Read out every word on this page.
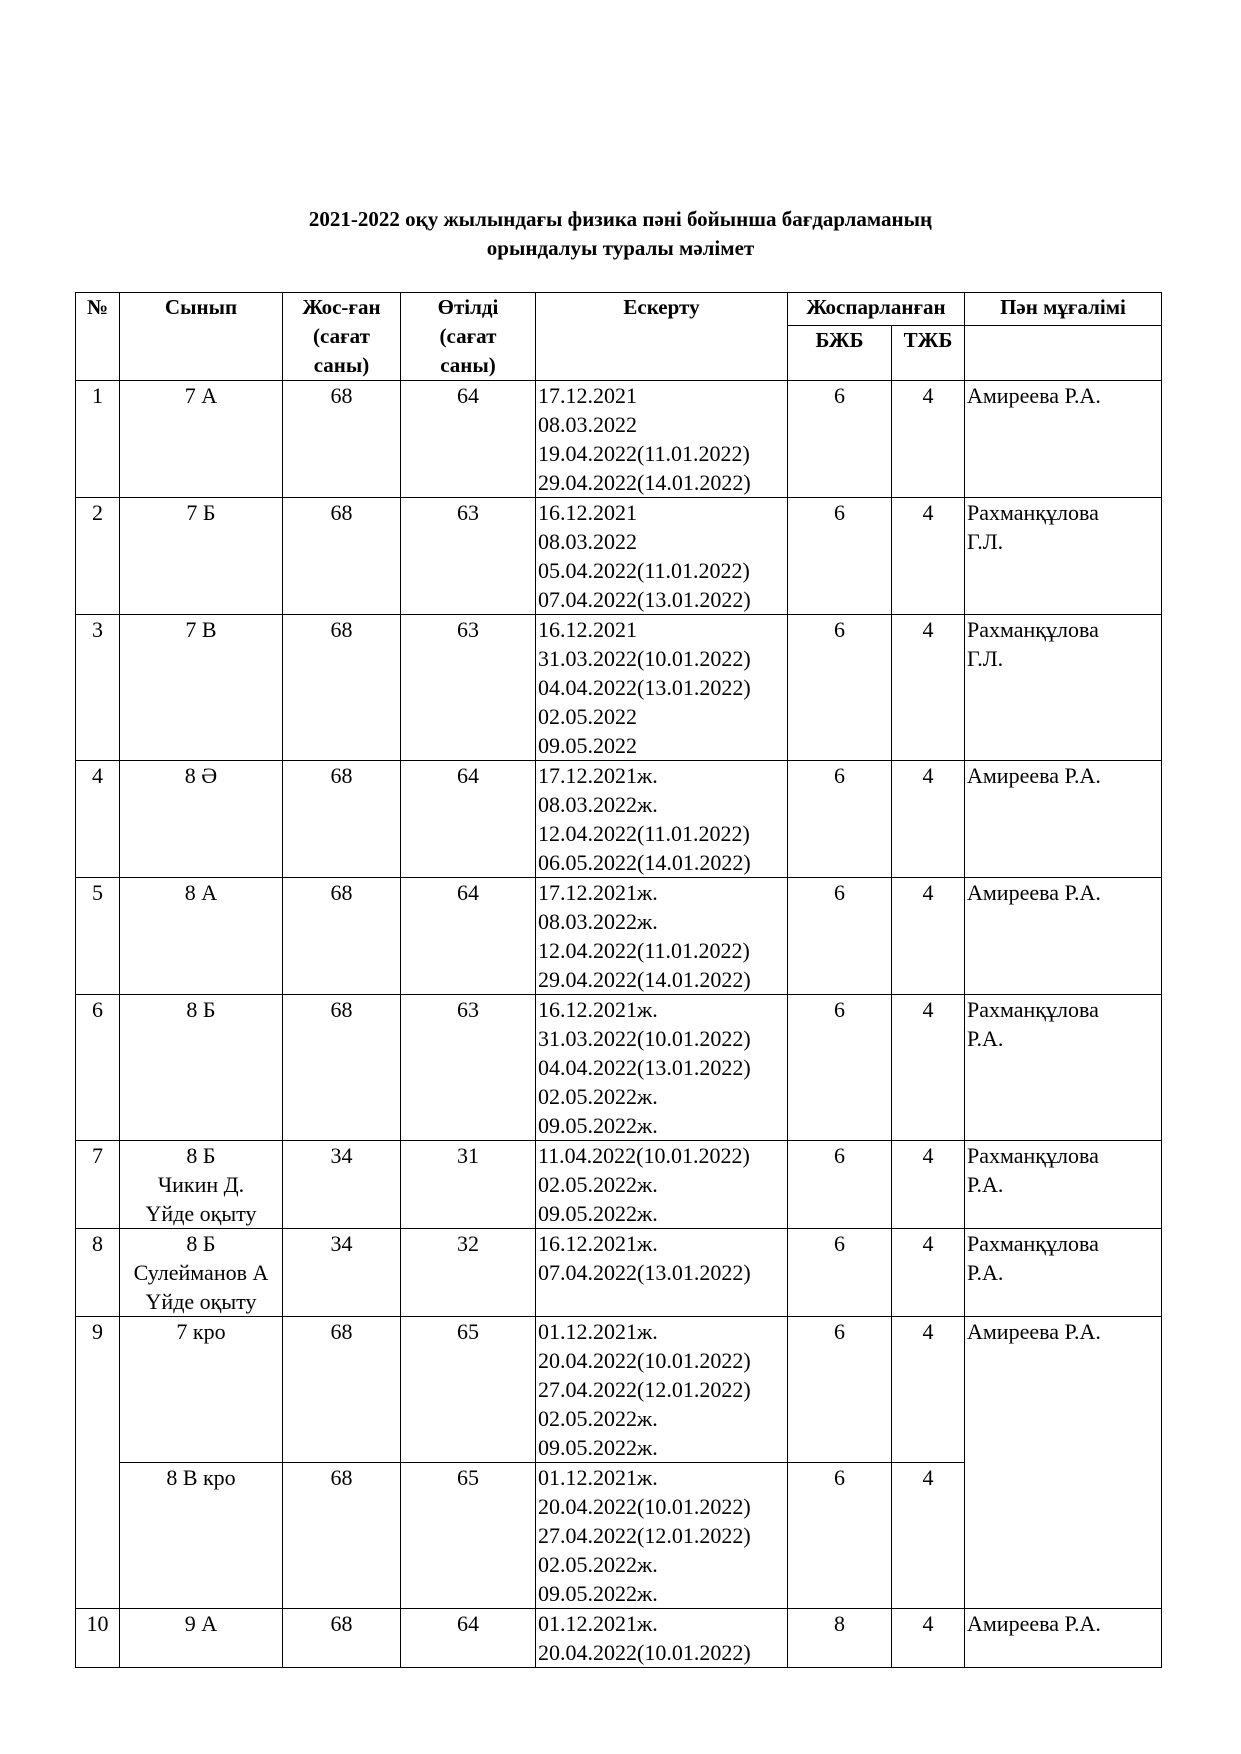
2021-2022 оқу жылындағы физика пәні бойынша бағдарламаның
орындалуы туралы мәлімет
№	Сынып	Жос-ған
(сағат
саны)	Өтілді
(сағат
саны)	Ескерту	Жоспарланған		Пән мұғалімі
					БЖБ	ТЖБ	
1	7 А	68	64	17.12.2021
08.03.2022
19.04.2022(11.01.2022)
29.04.2022(14.01.2022)	6	4	Амиреева Р.А.

2	7 Б	68	63	16.12.2021
08.03.2022
05.04.2022(11.01.2022)
07.04.2022(13.01.2022)	6	4	Рахманқұлова
Г.Л.

3	7 В	68	63	16.12.2021
31.03.2022(10.01.2022)
04.04.2022(13.01.2022)
02.05.2022
09.05.2022	6	4	Рахманқұлова
Г.Л.

4	8 Ә	68	64	17.12.2021ж.
08.03.2022ж.
12.04.2022(11.01.2022)
06.05.2022(14.01.2022)	6	4	Амиреева Р.А.

5	8 А	68	64	17.12.2021ж.
08.03.2022ж.
12.04.2022(11.01.2022)
29.04.2022(14.01.2022)	6	4	Амиреева Р.А.

6	8 Б	68	63	16.12.2021ж.
31.03.2022(10.01.2022)
04.04.2022(13.01.2022)
02.05.2022ж.
09.05.2022ж.	6	4	Рахманқұлова
Р.А.

7	8 Б
Чикин Д.
Үйде оқыту	34	31	11.04.2022(10.01.2022)
02.05.2022ж.
09.05.2022ж.	6	4	Рахманқұлова
Р.А.

8	8 Б
Сулейманов А
Үйде оқыту	34	32	16.12.2021ж.
07.04.2022(13.01.2022)	6	4	Рахманқұлова
Р.А.

9	7 кро	68	65	01.12.2021ж.
20.04.2022(10.01.2022)
27.04.2022(12.01.2022)
02.05.2022ж.
09.05.2022ж.	6	4	Амиреева Р.А.

	8 В кро	68	65	01.12.2021ж.
20.04.2022(10.01.2022)
27.04.2022(12.01.2022)
02.05.2022ж.
09.05.2022ж.	6	4	
10	9 А	68	64	01.12.2021ж.
20.04.2022(10.01.2022)	8	4	Амиреева Р.А.
